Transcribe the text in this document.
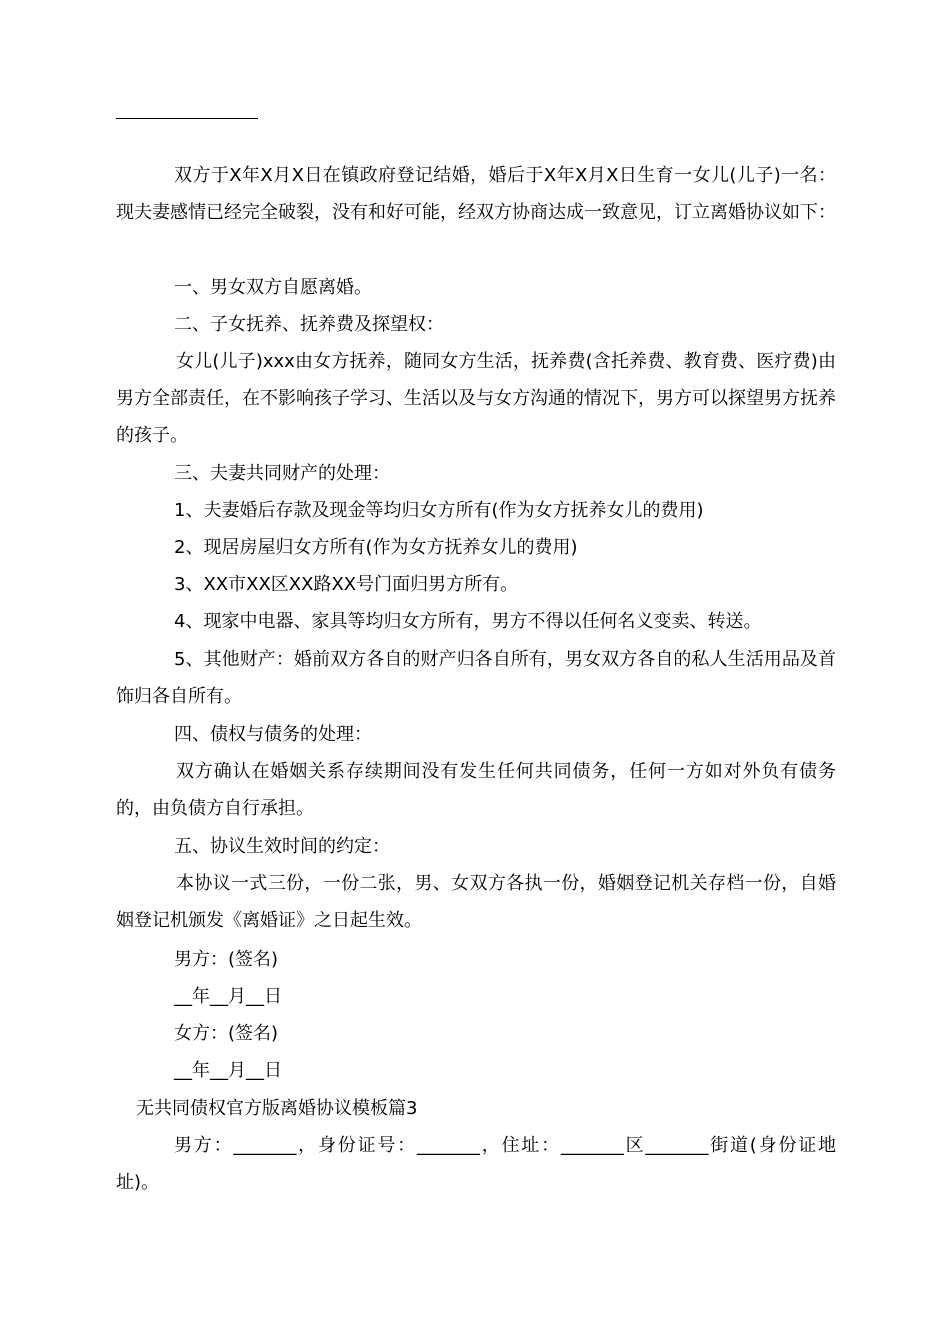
双方于X年X月X日在镇政府登记结婚，婚后于X年X月X日生育一女儿(儿子)一名：现夫妻感情已经完全破裂，没有和好可能，经双方协商达成一致意见，订立离婚协议如下：

一、男女双方自愿离婚。

二、子女抚养、抚养费及探望权：

女儿(儿子)xxx由女方抚养，随同女方生活，抚养费(含托养费、教育费、医疗费)由男方全部责任，在不影响孩子学习、生活以及与女方沟通的情况下，男方可以探望男方抚养的孩子。

三、夫妻共同财产的处理：

1、夫妻婚后存款及现金等均归女方所有(作为女方抚养女儿的费用)

2、现居房屋归女方所有(作为女方抚养女儿的费用)

3、XX市XX区XX路XX号门面归男方所有。

4、现家中电器、家具等均归女方所有，男方不得以任何名义变卖、转送。

5、其他财产：婚前双方各自的财产归各自所有，男女双方各自的私人生活用品及首饰归各自所有。

四、债权与债务的处理：

双方确认在婚姻关系存续期间没有发生任何共同债务，任何一方如对外负有债务的，由负债方自行承担。

五、协议生效时间的约定：

本协议一式三份，一份二张，男、女双方各执一份，婚姻登记机关存档一份，自婚姻登记机颁发《离婚证》之日起生效。

男方：(签名)

__年__月__日

女方：(签名)

__年__月__日

无共同债权官方版离婚协议模板篇3

男方：_______，身份证号：_______，住址：_______区_______街道(身份证地址)。
